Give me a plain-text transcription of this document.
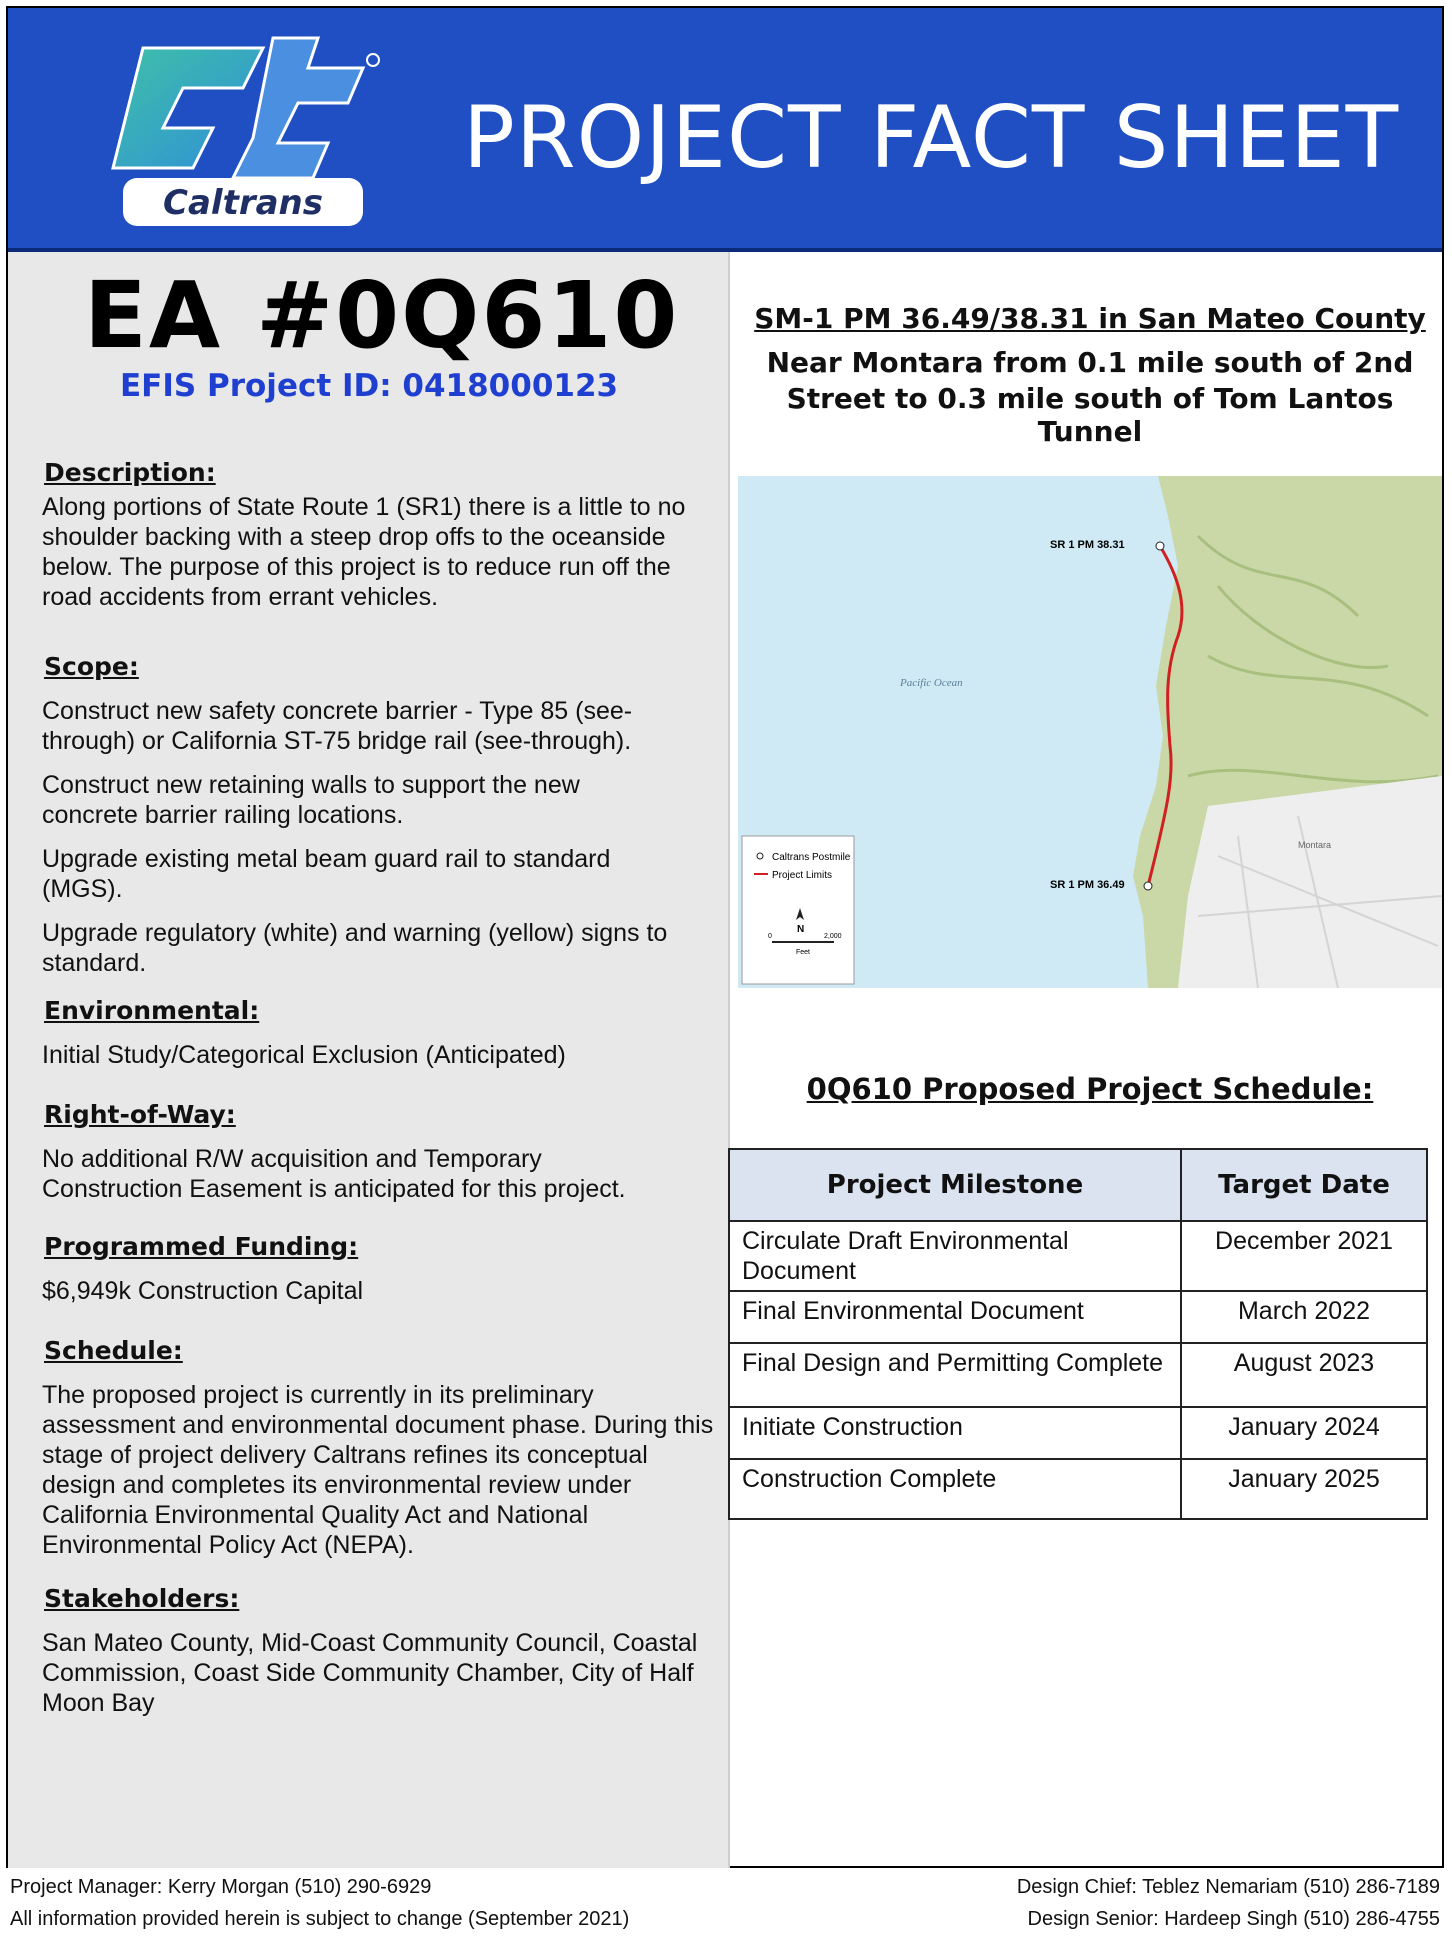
Caltrans
PROJECT FACT SHEET
EA #0Q610
EFIS Project ID: 0418000123
Description:
Along portions of State Route 1 (SR1) there is a little to no shoulder backing with a steep drop offs to the oceanside below. The purpose of this project is to reduce run off the road accidents from errant vehicles.
Scope:
Construct new safety concrete barrier - Type 85 (see-through) or California ST-75 bridge rail (see-through).
Construct new retaining walls to support the new concrete barrier railing locations.
Upgrade existing metal beam guard rail to standard (MGS).
Upgrade regulatory (white) and warning (yellow) signs to standard.
Environmental:
Initial Study/Categorical Exclusion (Anticipated)
Right-of-Way:
No additional R/W acquisition and Temporary Construction Easement is anticipated for this project.
Programmed Funding:
$6,949k Construction Capital
Schedule:
The proposed project is currently in its preliminary assessment and environmental document phase. During this stage of project delivery Caltrans refines its conceptual design and completes its environmental review under California Environmental Quality Act and National Environmental Policy Act (NEPA).
Stakeholders:
San Mateo County, Mid-Coast Community Council, Coastal Commission, Coast Side Community Chamber, City of Half Moon Bay
SM-1 PM 36.49/38.31 in San Mateo County
Near Montara from 0.1 mile south of 2nd
Street to 0.3 mile south of Tom Lantos Tunnel
SR 1 PM 38.31
SR 1 PM 36.49
Pacific Ocean
Montara
Caltrans Postmile
Project Limits
N
0	2,000
Feet
0Q610 Proposed Project Schedule:
Project Milestone	Target Date
Circulate Draft Environmental Document	December 2021
Final Environmental Document	March 2022
Final Design and Permitting Complete	August 2023
Initiate Construction	January 2024
Construction Complete	January 2025
Project Manager: Kerry Morgan (510) 290-6929
All information provided herein is subject to change (September 2021)
Design Chief: Teblez Nemariam (510) 286-7189
Design Senior: Hardeep Singh (510) 286-4755
